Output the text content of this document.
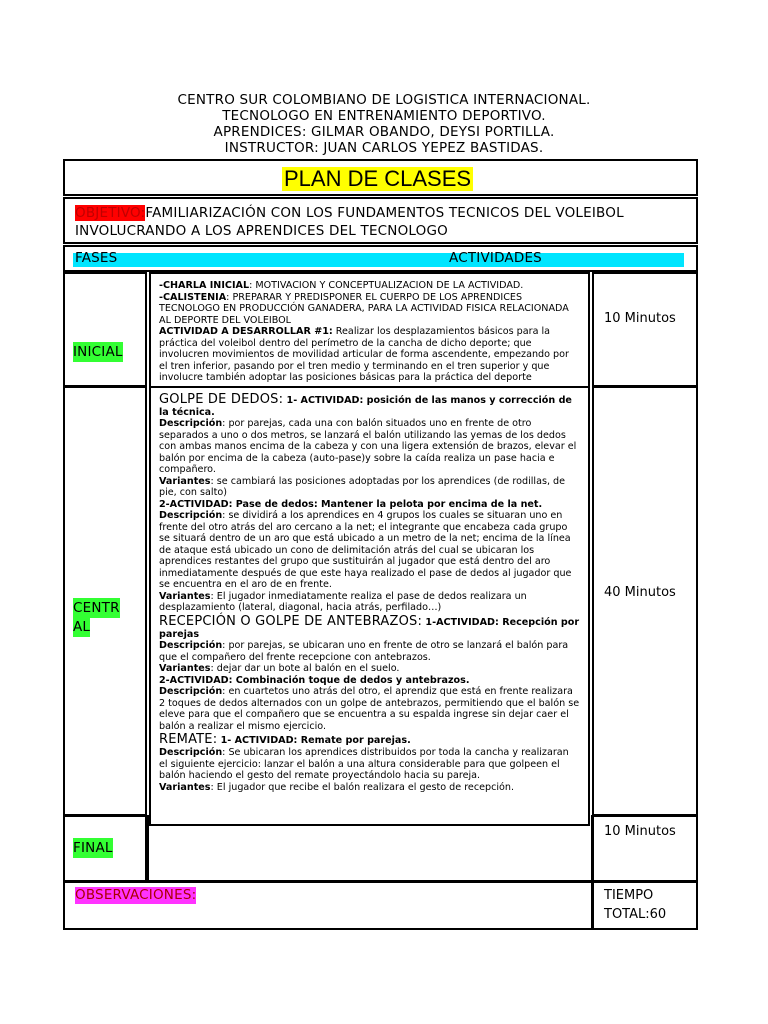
CENTRO SUR COLOMBIANO DE LOGISTICA INTERNACIONAL.
TECNOLOGO EN ENTRENAMIENTO DEPORTIVO.
APRENDICES: GILMAR OBANDO, DEYSI PORTILLA.
INSTRUCTOR: JUAN CARLOS YEPEZ BASTIDAS.
PLAN DE CLASES
OBJETIVO:FAMILIARIZACIÓN CON LOS FUNDAMENTOS TECNICOS DEL VOLEIBOL INVOLUCRANDO A LOS APRENDICES DEL TECNOLOGO
FASES	ACTIVIDADES
INICIAL
CENTR
AL
FINAL
10 Minutos
40 Minutos
10 Minutos

-CHARLA INICIAL: MOTIVACION Y CONCEPTUALIZACION DE LA ACTIVIDAD.

-CALISTENIA: PREPARAR Y PREDISPONER EL CUERPO DE LOS APRENDICES TECNOLOGO EN PRODUCCIÓN GANADERA, PARA LA ACTIVIDAD FISICA RELACIONADA AL DEPORTE DEL VOLEIBOL

ACTIVIDAD A DESARROLLAR #1: Realizar los desplazamientos básicos para la práctica del voleibol dentro del perímetro de la cancha de dicho deporte; que involucren movimientos de movilidad articular de forma ascendente, empezando por el tren inferior, pasando por el tren medio y terminando en el tren superior y que involucre también adoptar las posiciones básicas para la práctica del deporte

GOLPE DE DEDOS: 1- ACTIVIDAD: posición de las manos y corrección de la técnica.

Descripción: por parejas, cada una con balón situados uno en frente de otro separados a uno o dos metros, se lanzará el balón utilizando las yemas de los dedos con ambas manos encima de la cabeza y con una ligera extensión de brazos, elevar el balón por encima de la cabeza (auto-pase)y sobre la caída realiza un pase hacia e compañero.

Variantes: se cambiará las posiciones adoptadas por los aprendices (de rodillas, de pie, con salto)

2-ACTIVIDAD: Pase de dedos: Mantener la pelota por encima de la net.

Descripción: se dividirá a los aprendices en 4 grupos los cuales se situaran uno en frente del otro atrás del aro cercano a la net; el integrante que encabeza cada grupo se situará dentro de un aro que está ubicado a un metro de la net; encima de la línea de ataque está ubicado un cono de delimitación atrás del cual se ubicaran los aprendices restantes del grupo que sustituirán al jugador que está dentro del aro inmediatamente después de que este haya realizado el pase de dedos al jugador que se encuentra en el aro de en frente.

Variantes: El jugador inmediatamente realiza el pase de dedos realizara un desplazamiento (lateral, diagonal, hacia atrás, perfilado…)

RECEPCIÓN O GOLPE DE ANTEBRAZOS: 1-ACTIVIDAD: Recepción por parejas

Descripción: por parejas, se ubicaran uno en frente de otro se lanzará el balón para que el compañero del frente recepcione con antebrazos.

Variantes: dejar dar un bote al balón en el suelo.

2-ACTIVIDAD: Combinación toque de dedos y antebrazos.

Descripción: en cuartetos uno atrás del otro, el aprendiz que está en frente realizara 2 toques de dedos alternados con un golpe de antebrazos, permitiendo que el balón se eleve para que el compañero que se encuentra a su espalda ingrese sin dejar caer el balón a realizar el mismo ejercicio.

REMATE: 1- ACTIVIDAD: Remate por parejas.

Descripción: Se ubicaran los aprendices distribuidos por toda la cancha y realizaran el siguiente ejercicio: lanzar el balón a una altura considerable para que golpeen el balón haciendo el gesto del remate proyectándolo hacia su pareja.

Variantes: El jugador que recibe el balón realizara el gesto de recepción.

OBSERVACIONES:	TIEMPO
TOTAL:60
